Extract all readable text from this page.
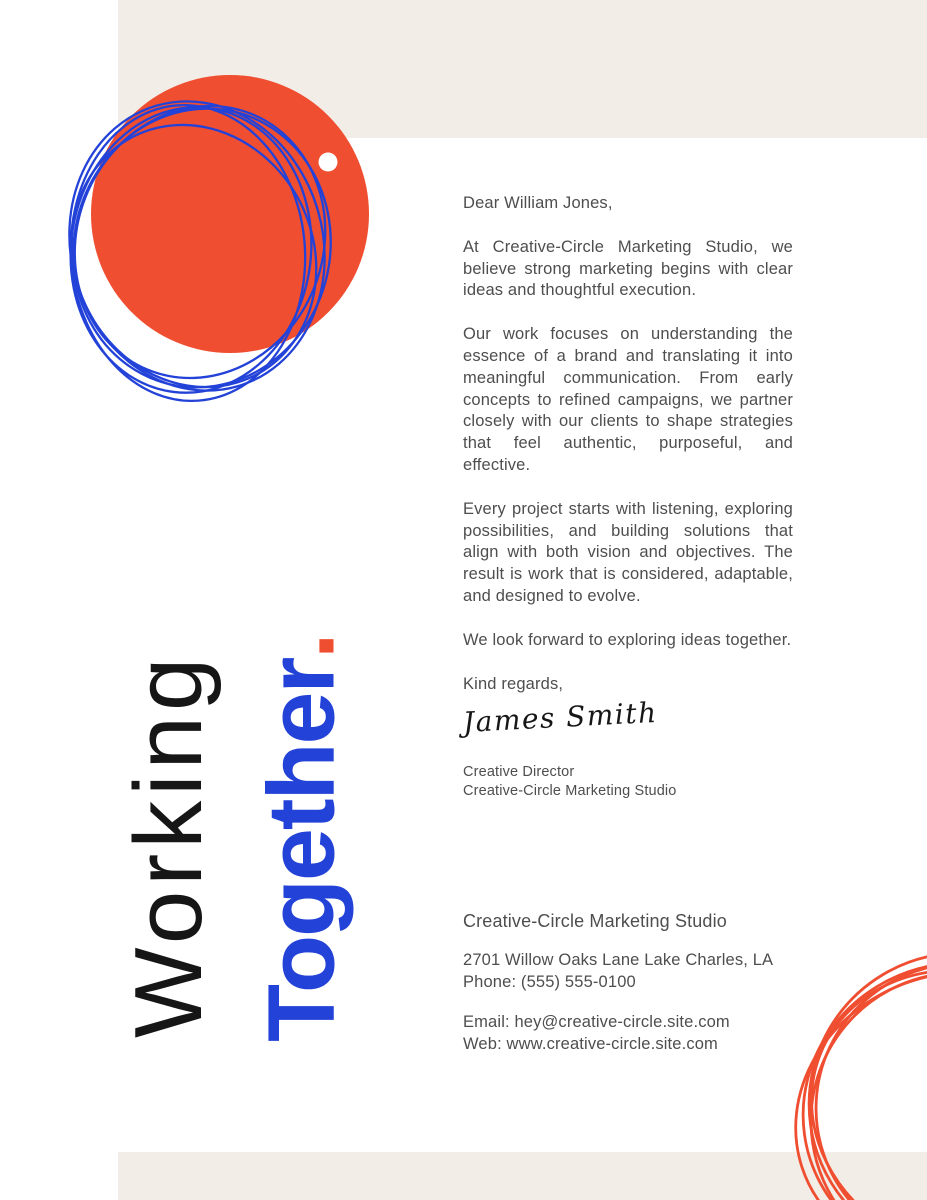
Working Together
.
Dear William Jones,

At Creative-Circle Marketing Studio, we believe strong marketing begins with clear ideas and thoughtful execution.

Our work focuses on understanding the essence of a brand and translating it into meaningful communication. From early concepts to refined campaigns, we partner closely with our clients to shape strategies that feel authentic, purposeful, and effective.

Every project starts with listening, exploring possibilities, and building solutions that align with both vision and objectives. The result is work that is considered, adaptable, and designed to evolve.

We look forward to exploring ideas together.

Kind regards,
James Smith
Creative Director
Creative-Circle Marketing Studio
Creative-Circle Marketing Studio
2701 Willow Oaks Lane Lake Charles, LA
Phone: (555) 555-0100
Email: hey@creative-circle.site.com
Web: www.creative-circle.site.com
